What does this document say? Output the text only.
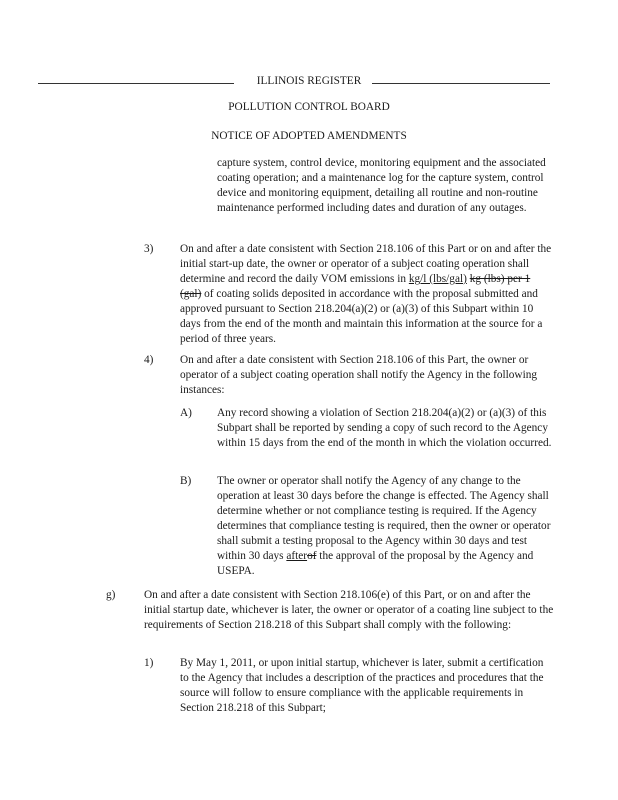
ILLINOIS REGISTER
POLLUTION CONTROL BOARD
NOTICE OF ADOPTED AMENDMENTS
capture system, control device, monitoring equipment and the associated coating operation; and a maintenance log for the capture system, control device and monitoring equipment, detailing all routine and non-routine maintenance performed including dates and duration of any outages.
3) On and after a date consistent with Section 218.106 of this Part or on and after the initial start-up date, the owner or operator of a subject coating operation shall determine and record the daily VOM emissions in kg/l (lbs/gal) kg (lbs) per 1 (gal) of coating solids deposited in accordance with the proposal submitted and approved pursuant to Section 218.204(a)(2) or (a)(3) of this Subpart within 10 days from the end of the month and maintain this information at the source for a period of three years.
4) On and after a date consistent with Section 218.106 of this Part, the owner or operator of a subject coating operation shall notify the Agency in the following instances:
A) Any record showing a violation of Section 218.204(a)(2) or (a)(3) of this Subpart shall be reported by sending a copy of such record to the Agency within 15 days from the end of the month in which the violation occurred.
B) The owner or operator shall notify the Agency of any change to the operation at least 30 days before the change is effected. The Agency shall determine whether or not compliance testing is required. If the Agency determines that compliance testing is required, then the owner or operator shall submit a testing proposal to the Agency within 30 days and test within 30 days afterof the approval of the proposal by the Agency and USEPA.
g)	On and after a date consistent with Section 218.106(e) of this Part, or on and after the initial startup date, whichever is later, the owner or operator of a coating line subject to the requirements of Section 218.218 of this Subpart shall comply with the following:
1) By May 1, 2011, or upon initial startup, whichever is later, submit a certification to the Agency that includes a description of the practices and procedures that the source will follow to ensure compliance with the applicable requirements in Section 218.218 of this Subpart;
